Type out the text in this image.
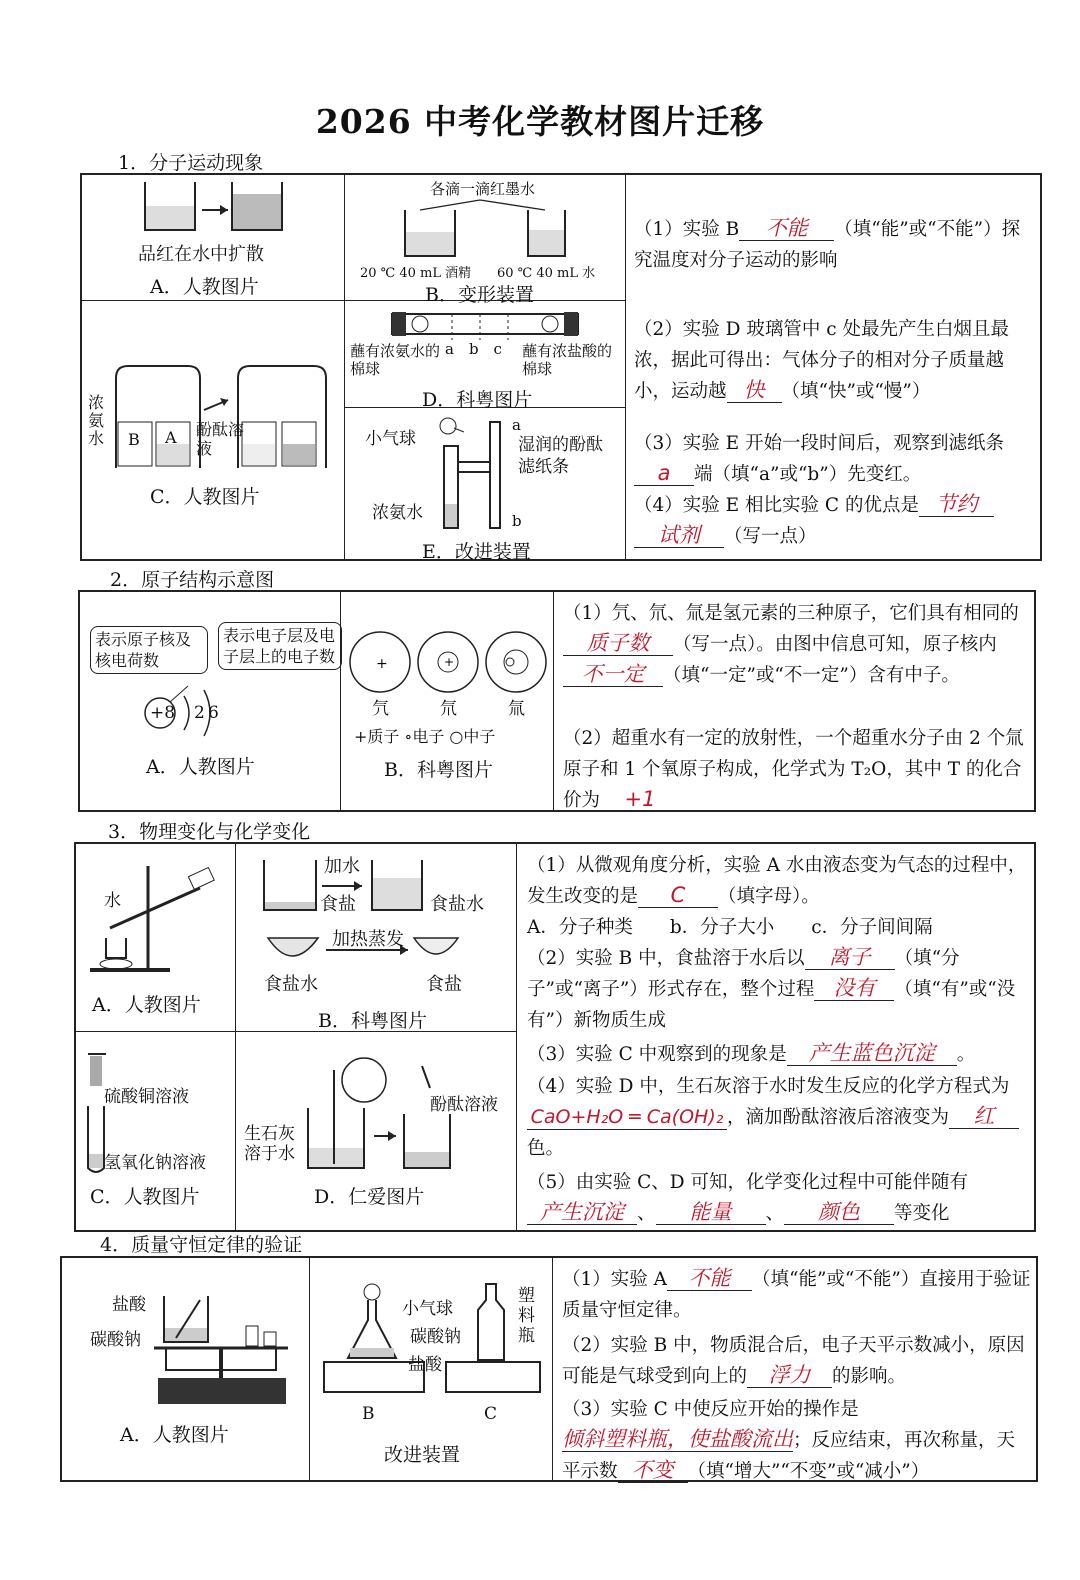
2026 中考化学教材图片迁移
1．分子运动现象
品红在水中扩散
A．人教图片
各滴一滴红墨水
20 ℃ 40 mL 酒精 60 ℃ 40 mL 水
B．变形装置
浓氨水	酚酞溶液
B A
C．人教图片
蘸有浓氨水的棉球
a　b　c 蘸有浓盐酸的棉球
D．科粤图片
小气球
a
湿润的酚酞滤纸条
浓氨水	b
E．改进装置
（1）实验 B 不能 （填“能”或“不能”）探究温度对分子运动的影响
（2）实验 D 玻璃管中 c 处最先产生白烟且最浓，据此可得出：气体分子的相对分子质量越小，运动越 快 （填“快”或“慢”）
（3）实验 E 开始一段时间后，观察到滤纸条a 端（填“a”或“b”）先变红。
（4）实验 E 相比实验 C 的优点是 节约
试剂 （写一点）
2．原子结构示意图
表示原子核及核电荷数
表示电子层及电子层上的电子数
+8 2 6
A．人教图片
+	+
氕	氘	氚
+质子 ∘电子 ○中子
B．科粤图片
（1）氕、氘、氚是氢元素的三种原子，它们具有相同的质子数 （写一点）。由图中信息可知，原子核内不一定 （填“一定”或“不一定”）含有中子。
（2）超重水有一定的放射性，一个超重水分子由 2 个氚原子和 1 个氧原子构成，化学式为 T₂O，其中 T 的化合价为 +1
3．物理变化与化学变化
水
A．人教图片
加水
食盐	食盐水
加热蒸发
食盐水	食盐
B．科粤图片
硫酸铜溶液
氢氧化钠溶液
C．人教图片
生石灰溶于水
酚酞溶液
D．仁爱图片
（1）从微观角度分析，实验 A 水由液态变为气态的过程中，发生改变的是 C （填字母）。
A．分子种类　　b．分子大小　　c．分子间间隔
（2）实验 B 中，食盐溶于水后以 离子 （填“分子”或“离子”）形式存在，整个过程 没有 （填“有”或“没有”）新物质生成
（3）实验 C 中观察到的现象是 产生蓝色沉淀 。
（4）实验 D 中，生石灰溶于水时发生反应的化学方程式为CaO+H₂O ═ Ca(OH)₂ ，滴加酚酞溶液后溶液变为 红色。
（5）由实验 C、D 可知，化学变化过程中可能伴随有产生沉淀 、 能量 、 颜色 等变化
4．质量守恒定律的验证
盐酸
碳酸钠
A．人教图片
小气球
碳酸钠
盐酸
塑料瓶
B	C
改进装置
（1）实验 A 不能 （填“能”或“不能”）直接用于验证质量守恒定律。
（2）实验 B 中，物质混合后，电子天平示数减小，原因可能是气球受到向上的 浮力 的影响。
（3）实验 C 中使反应开始的操作是倾斜塑料瓶，使盐酸流出；反应结束，再次称量，天平示数 不变 （填“增大”“不变”或“减小”）
